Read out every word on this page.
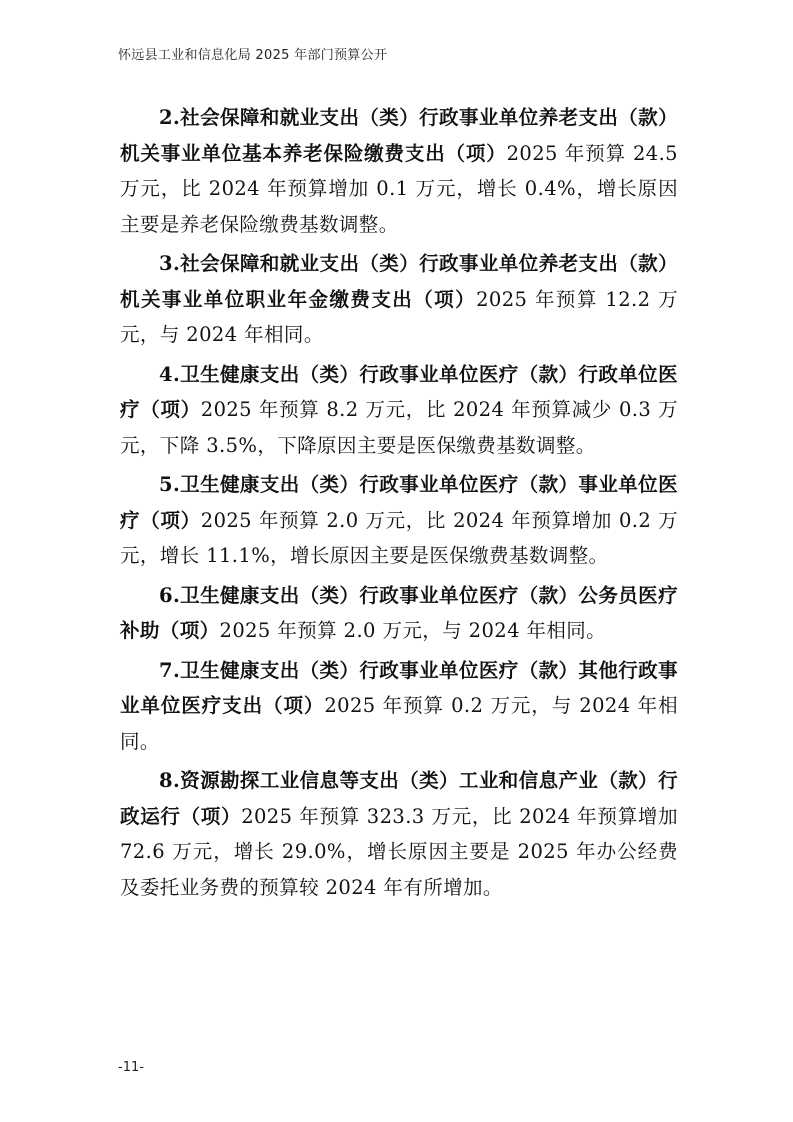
怀远县工业和信息化局 2025 年部门预算公开

2.社会保障和就业支出（类）行政事业单位养老支出（款）机关事业单位基本养老保险缴费支出（项）2025 年预算 24.5 万元，比 2024 年预算增加 0.1 万元，增长 0.4%，增长原因主要是养老保险缴费基数调整。

3.社会保障和就业支出（类）行政事业单位养老支出（款）机关事业单位职业年金缴费支出（项）2025 年预算 12.2 万元，与 2024 年相同。

4.卫生健康支出（类）行政事业单位医疗（款）行政单位医疗（项）2025 年预算 8.2 万元，比 2024 年预算减少 0.3 万元，下降 3.5%，下降原因主要是医保缴费基数调整。

5.卫生健康支出（类）行政事业单位医疗（款）事业单位医疗（项）2025 年预算 2.0 万元，比 2024 年预算增加 0.2 万元，增长 11.1%，增长原因主要是医保缴费基数调整。

6.卫生健康支出（类）行政事业单位医疗（款）公务员医疗补助（项）2025 年预算 2.0 万元，与 2024 年相同。

7.卫生健康支出（类）行政事业单位医疗（款）其他行政事业单位医疗支出（项）2025 年预算 0.2 万元，与 2024 年相同。

8.资源勘探工业信息等支出（类）工业和信息产业（款）行政运行（项）2025 年预算 323.3 万元，比 2024 年预算增加 72.6 万元，增长 29.0%，增长原因主要是 2025 年办公经费及委托业务费的预算较 2024 年有所增加。

-11-
